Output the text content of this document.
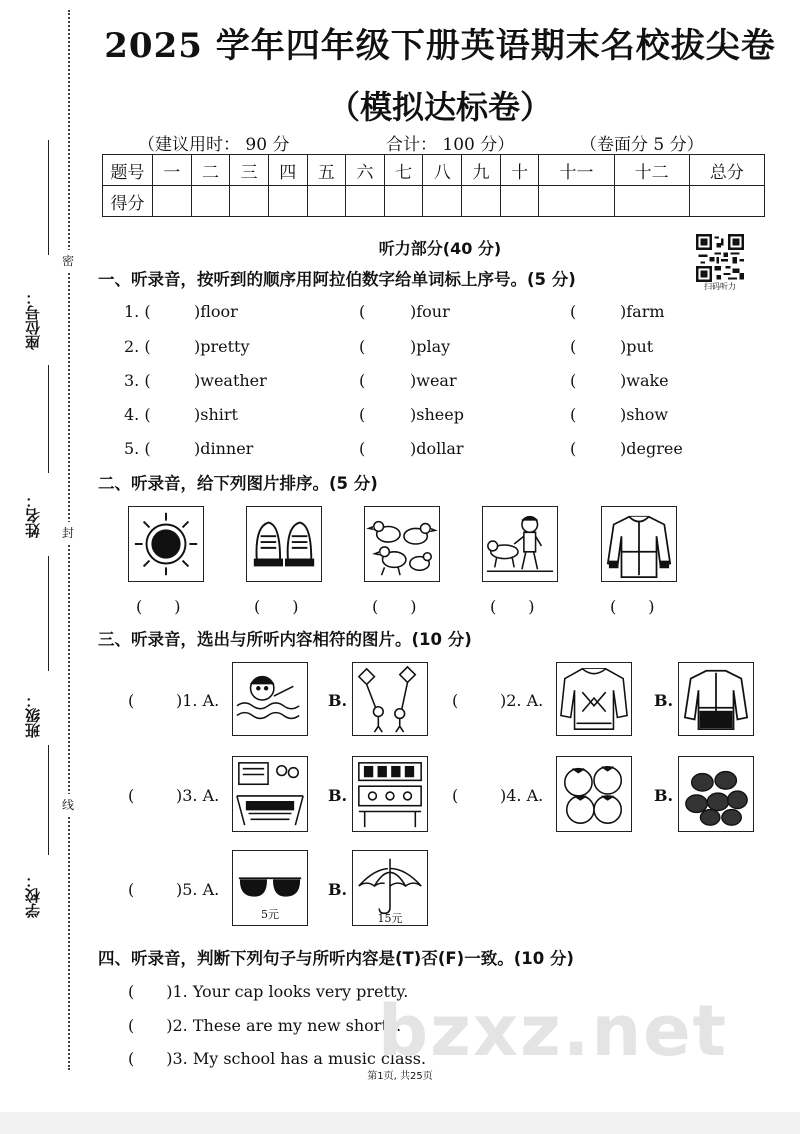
密
封
线
座位号：
姓名：
班级：
学校：
2025 学年四年级下册英语期末名校拔尖卷
（模拟达标卷）
（建议用时： 90 分	合计： 100 分）	（卷面分 5 分）
题号	一	二	三	四	五	六	七	八	九	十	十一	十二	总分
得分													
听力部分(40 分)
扫码听力
一、听录音，按听到的顺序用阿拉伯数字给单词标上序号。(5 分)
1. (	)floor	(	)four	(	)farm
2. (	)pretty	(	)play	(	)put
3. (	)weather	(	)wear	(	)wake
4. (	)shirt	(	)sheep	(	)show
5. (	)dinner	(	)dollar	(	)degree
二、听录音，给下列图片排序。(5 分)
(　　)	(　　)	(　　)	(　　)	(　　)
三、听录音，选出与所听内容相符的图片。(10 分)
(	)1. A.	B.	(	)2. A.	B.
(	)3. A.	B.	(	)4. A.	B.
(	)5. A.
5元
B.
15元
四、听录音，判断下列句子与所听内容是(T)否(F)一致。(10 分)
(　　)1. Your cap looks very pretty.
(　　)2. These are my new shorts.
(　　)3. My school has a music class.
bzxz.net
第1页, 共25页
